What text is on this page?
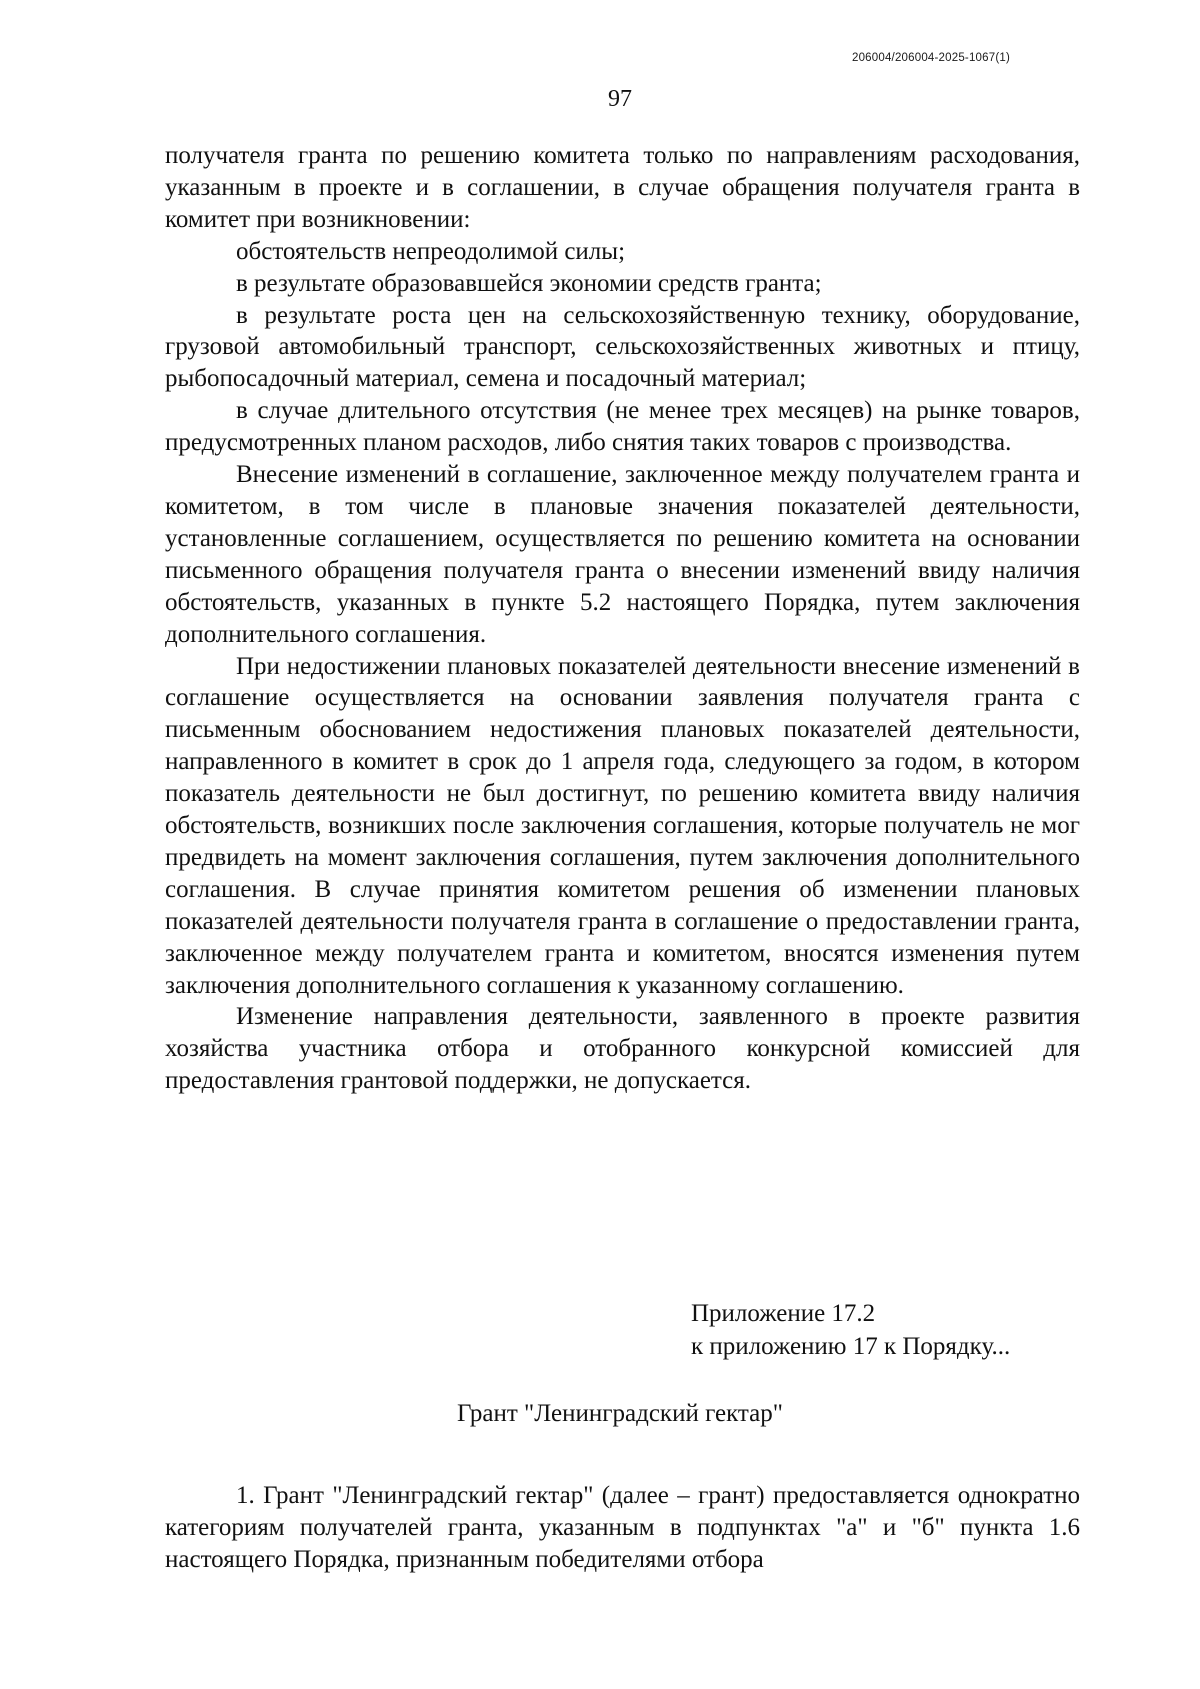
206004/206004-2025-1067(1)
97

получателя гранта по решению комитета только по направлениям расходования, указанным в проекте и в соглашении, в случае обращения получателя гранта в комитет при возникновении:

обстоятельств непреодолимой силы;

в результате образовавшейся экономии средств гранта;

в результате роста цен на сельскохозяйственную технику, оборудование, грузовой автомобильный транспорт, сельскохозяйственных животных и птицу, рыбопосадочный материал, семена и посадочный материал;

в случае длительного отсутствия (не менее трех месяцев) на рынке товаров, предусмотренных планом расходов, либо снятия таких товаров с производства.

Внесение изменений в соглашение, заключенное между получателем гранта и комитетом, в том числе в плановые значения показателей деятельности, установленные соглашением, осуществляется по решению комитета на основании письменного обращения получателя гранта о внесении изменений ввиду наличия обстоятельств, указанных в пункте 5.2 настоящего Порядка, путем заключения дополнительного соглашения.

При недостижении плановых показателей деятельности внесение изменений в соглашение осуществляется на основании заявления получателя гранта с письменным обоснованием недостижения плановых показателей деятельности, направленного в комитет в срок до 1 апреля года, следующего за годом, в котором показатель деятельности не был достигнут, по решению комитета ввиду наличия обстоятельств, возникших после заключения соглашения, которые получатель не мог предвидеть на момент заключения соглашения, путем заключения дополнительного соглашения. В случае принятия комитетом решения об изменении плановых показателей деятельности получателя гранта в соглашение о предоставлении гранта, заключенное между получателем гранта и комитетом, вносятся изменения путем заключения дополнительного соглашения к указанному соглашению.

Изменение направления деятельности, заявленного в проекте развития хозяйства участника отбора и отобранного конкурсной комиссией для предоставления грантовой поддержки, не допускается.

Приложение 17.2
к приложению 17 к Порядку...
Грант "Ленинградский гектар"

1. Грант "Ленинградский гектар" (далее – грант) предоставляется однократно категориям получателей гранта, указанным в подпунктах "а" и "б" пункта 1.6 настоящего Порядка, признанным победителями отбора
